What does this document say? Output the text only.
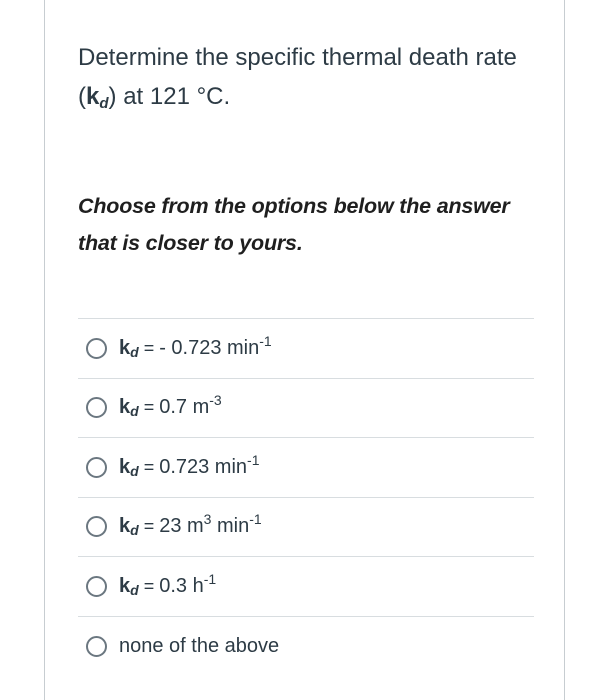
Determine the specific thermal death rate $(k_d)$ at 121 °C.
Choose from the options below the answer that is closer to yours.
$k_d$ = - 0.723 $\min^{-1}$
$k_d = 0.7$ $m^{-3}$
$k_d = 0.723$ $\min^{-1}$
$k_d = 23$ $m^3$ $\min^{-1}$
$k_d = 0.3$ $h^{-1}$
none of the above
